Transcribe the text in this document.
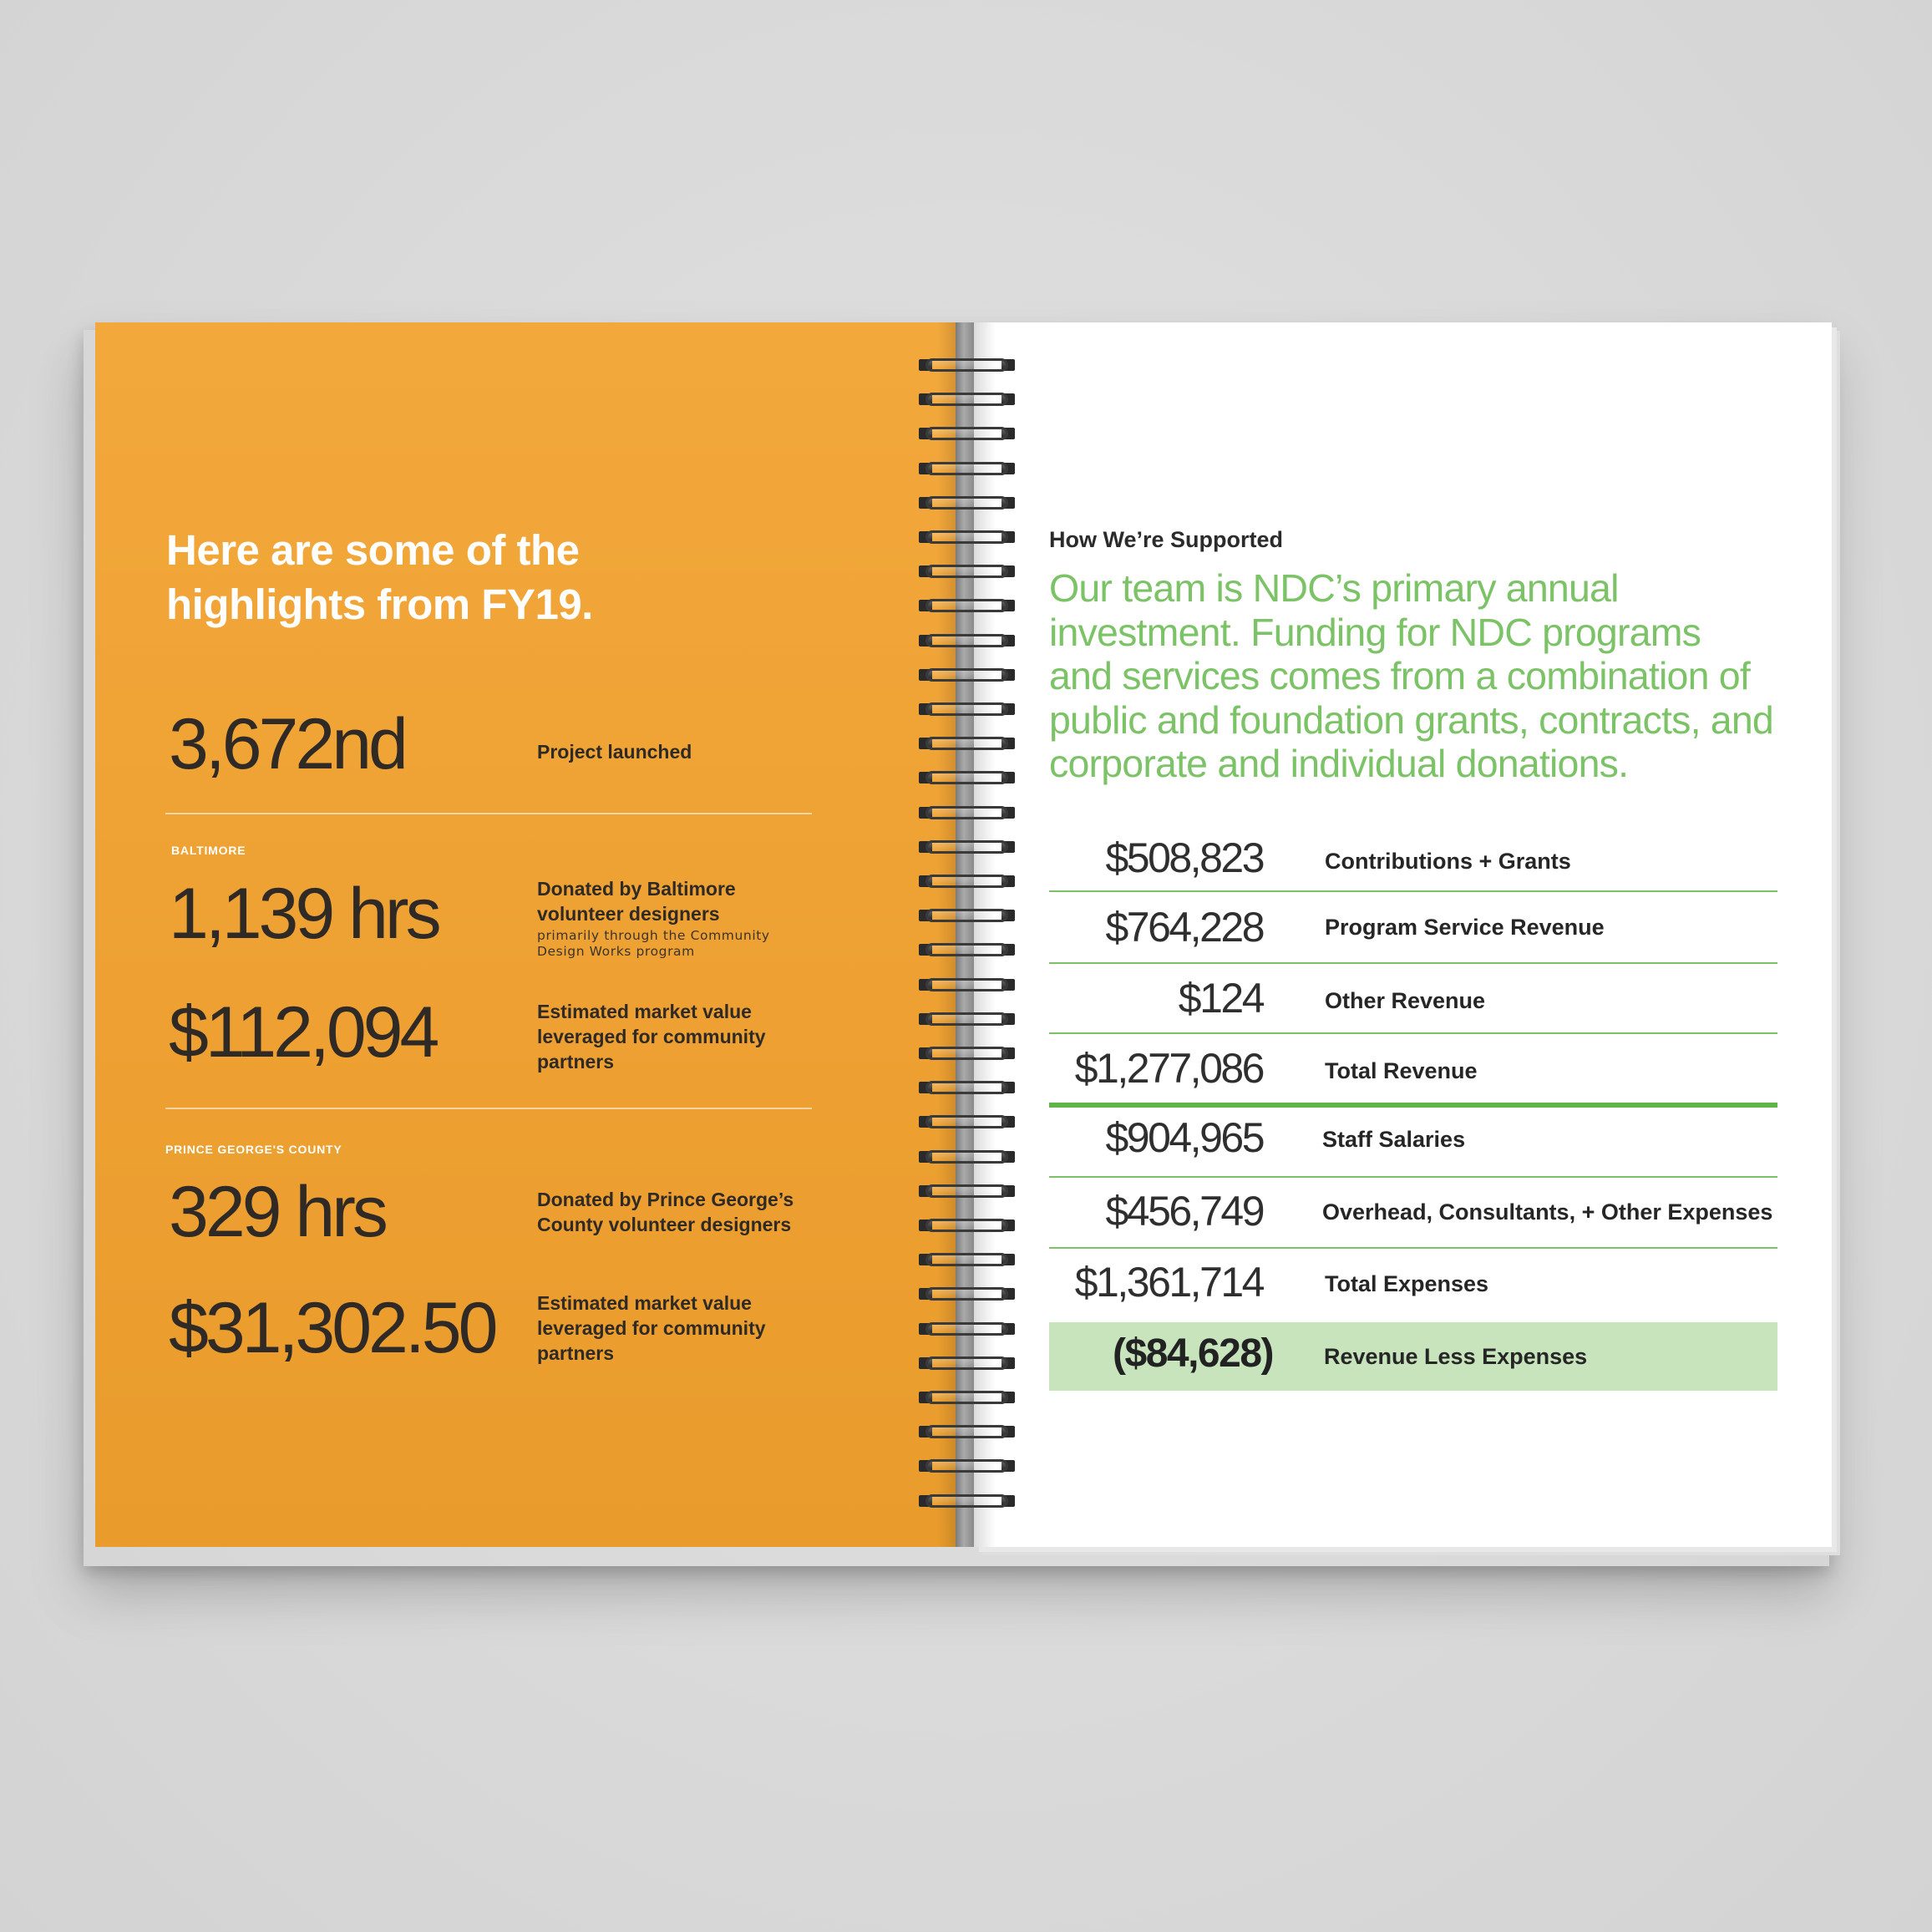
Here are some of the
highlights from FY19.
3,672nd	Project launched
BALTIMORE
1,139 hrs	Donated by Baltimore
volunteer designers
primarily through the Community
Design Works program
$112,094	Estimated market value
leveraged for community
partners
PRINCE GEORGE'S COUNTY
329 hrs	Donated by Prince George’s
County volunteer designers
$31,302.50 Estimated market value
leveraged for community
partners
How We’re Supported
Our team is NDC’s primary annual
investment. Funding for NDC programs
and services comes from a combination of
public and foundation grants, contracts, and
corporate and individual donations.
$508,823	Contributions + Grants
$764,228	Program Service Revenue
$124	Other Revenue
$1,277,086	Total Revenue
$904,965	Staff Salaries
$456,749	Overhead, Consultants, + Other Expenses
$1,361,714	Total Expenses
($84,628) Revenue Less Expenses
